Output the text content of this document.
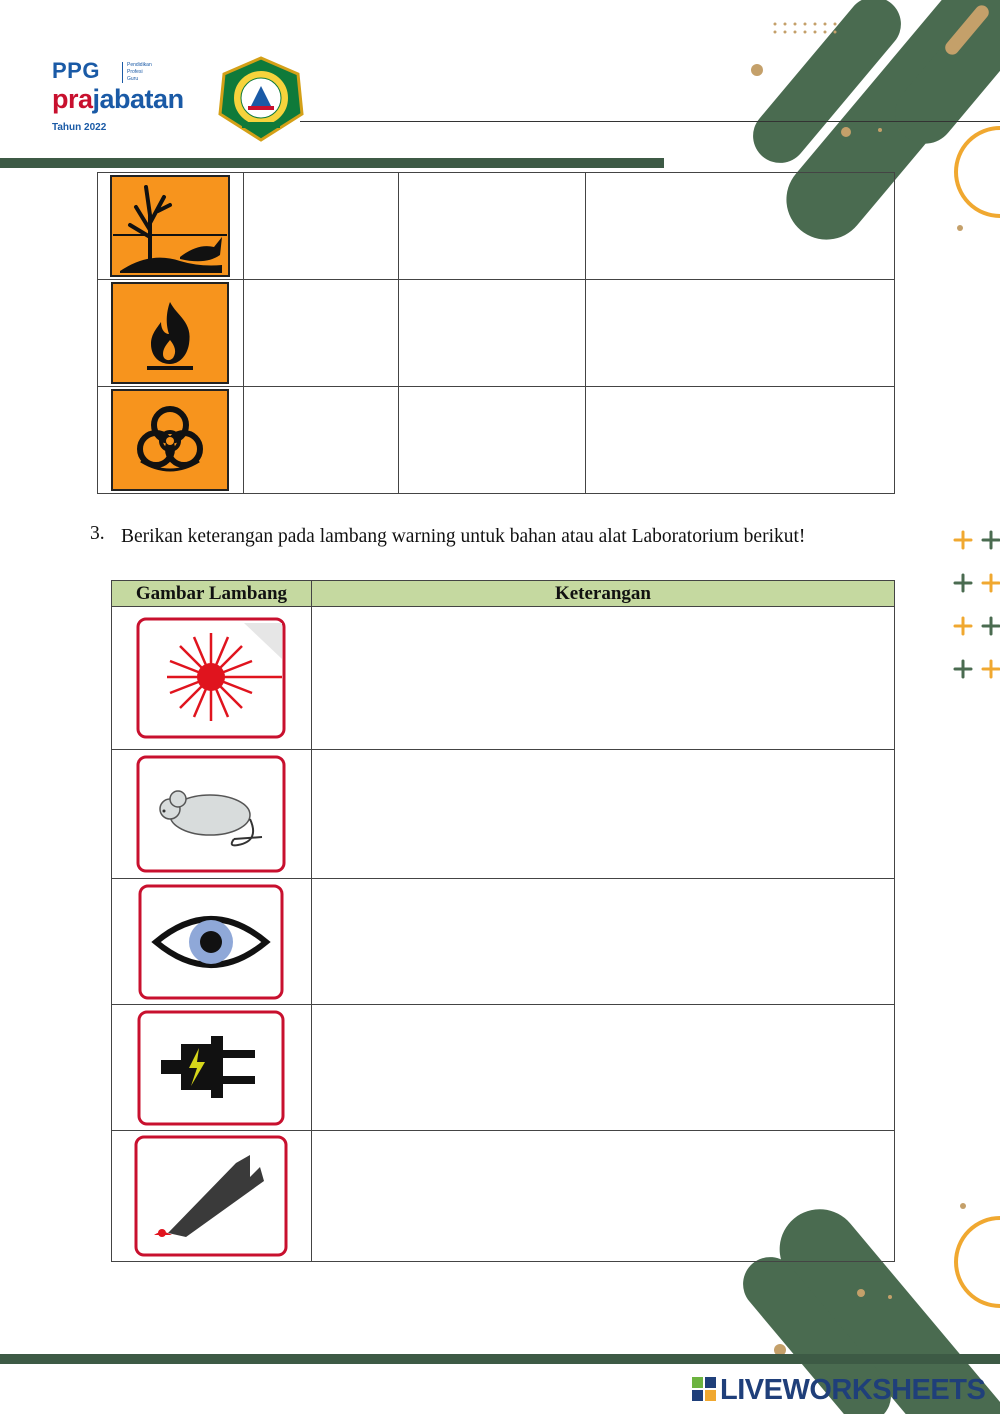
PPG	Pendidikan
Profesi
Guru
prajabatan
Tahun 2022

3. Berikan keterangan pada lambang warning untuk bahan atau alat Laboratorium berikut!
Gambar Lambang	Keterangan

LIVEWORKSHEETS
